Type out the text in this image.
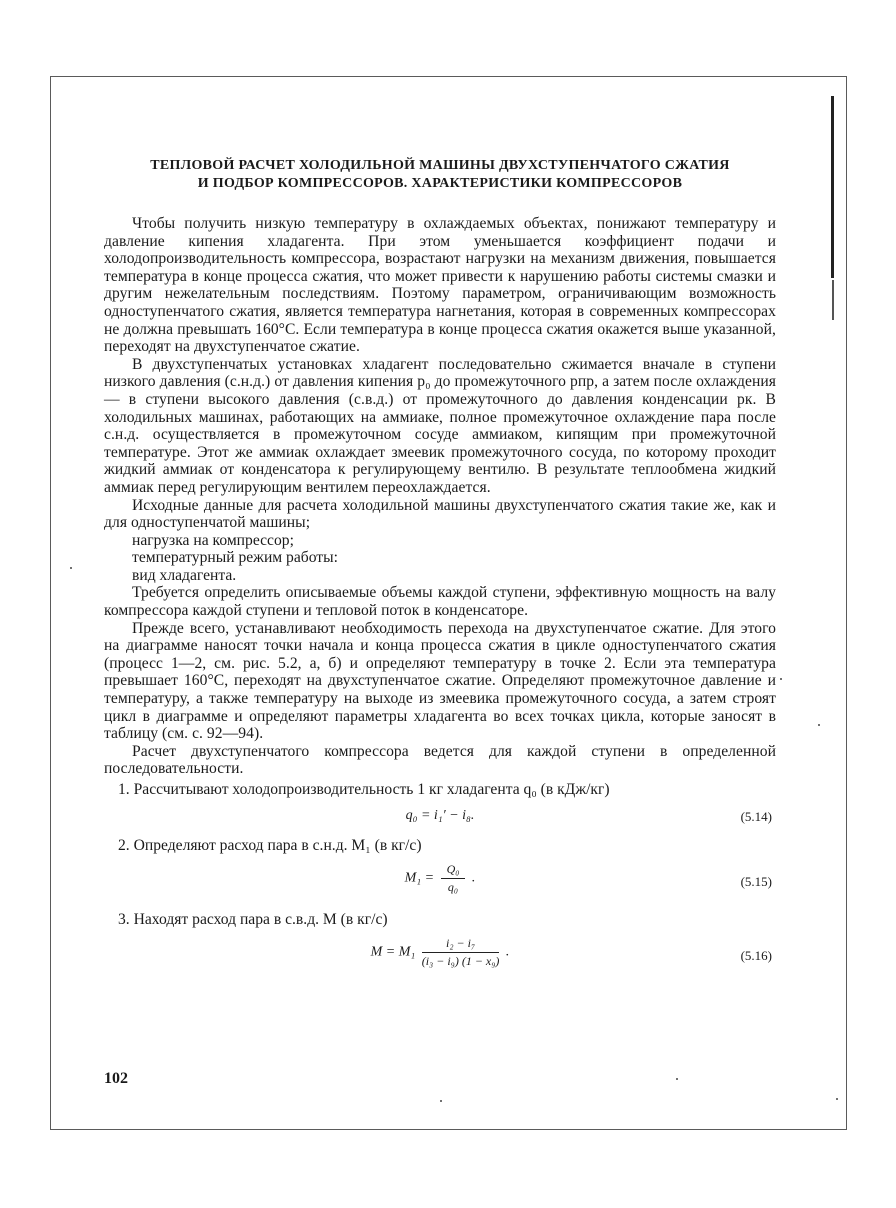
ТЕПЛОВОЙ РАСЧЕТ ХОЛОДИЛЬНОЙ МАШИНЫ ДВУХСТУПЕНЧАТОГО СЖАТИЯ
И ПОДБОР КОМПРЕССОРОВ. ХАРАКТЕРИСТИКИ КОМПРЕССОРОВ

Чтобы получить низкую температуру в охлаждаемых объектах, понижают температуру и давление кипения хладагента. При этом уменьшается коэффициент подачи и холодопроизводительность компрессора, возрастают нагрузки на механизм движения, повышается температура в конце процесса сжатия, что может привести к нарушению работы системы смазки и другим нежелательным последствиям. Поэтому параметром, ограничивающим возможность одноступенчатого сжатия, является температура нагнетания, которая в современных компрессорах не должна превышать 160°C. Если температура в конце процесса сжатия окажется выше указанной, переходят на двухступенчатое сжатие.

В двухступенчатых установках хладагент последовательно сжимается вначале в ступени низкого давления (с.н.д.) от давления кипения p₀ до промежуточного pпр, а затем после охлаждения — в ступени высокого давления (с.в.д.) от промежуточного до давления конденсации pк. В холодильных машинах, работающих на аммиаке, полное промежуточное охлаждение пара после с.н.д. осуществляется в промежуточном сосуде аммиаком, кипящим при промежуточной температуре. Этот же аммиак охлаждает змеевик промежуточного сосуда, по которому проходит жидкий аммиак от конденсатора к регулирующему вентилю. В результате теплообмена жидкий аммиак перед регулирующим вентилем переохлаждается.

Исходные данные для расчета холодильной машины двухступенчатого сжатия такие же, как и для одноступенчатой машины;

нагрузка на компрессор;
температурный режим работы:
вид хладагента.

Требуется определить описываемые объемы каждой ступени, эффективную мощность на валу компрессора каждой ступени и тепловой поток в конденсаторе.

Прежде всего, устанавливают необходимость перехода на двухступенчатое сжатие. Для этого на диаграмме наносят точки начала и конца процесса сжатия в цикле одноступенчатого сжатия (процесс 1—2, см. рис. 5.2, а, б) и определяют температуру в точке 2. Если эта температура превышает 160°C, переходят на двухступенчатое сжатие. Определяют промежуточное давление и температуру, а также температуру на выходе из змеевика промежуточного сосуда, а затем строят цикл в диаграмме и определяют параметры хладагента во всех точках цикла, которые заносят в таблицу (см. с. 92—94).

Расчет двухступенчатого компрессора ведется для каждой ступени в определенной последовательности.

1. Рассчитывают холодопроизводительность 1 кг хладагента q₀ (в кДж/кг)
q₀ = i₁′ − i₈.	(5.14)
2. Определяют расход пара в с.н.д. M₁ (в кг/с)
$M_1 = \frac{\text{Q₀}}{\text{q₀}}$ .	(5.15)
3. Находят расход пара в с.в.д. M (в кг/с)
$M = M_1 \frac{\text{i₂ − i₇}}{\text{(i₃ − i₉) (1 − x₉)}}$ .	(5.16)
102
